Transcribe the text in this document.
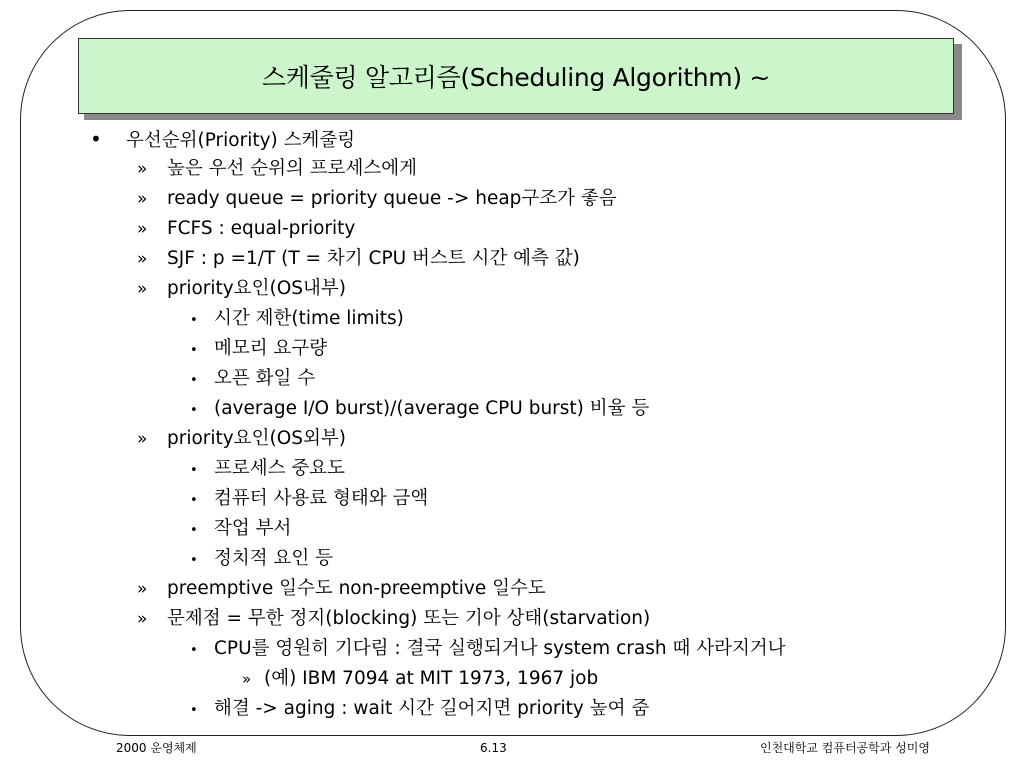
스케줄링 알고리즘(Scheduling Algorithm) ~
• 우선순위(Priority) 스케줄링
» 높은 우선 순위의 프로세스에게
» ready queue = priority queue -> heap구조가 좋음
» FCFS : equal-priority
» SJF : p =1/T (T = 차기 CPU 버스트 시간 예측 값)
» priority요인(OS내부)
• 시간 제한(time limits)
• 메모리 요구량
• 오픈 화일 수
• (average I/O burst)/(average CPU burst) 비율 등
» priority요인(OS외부)
• 프로세스 중요도
• 컴퓨터 사용료 형태와 금액
• 작업 부서
• 정치적 요인 등
» preemptive 일수도 non-preemptive 일수도
» 문제점 = 무한 정지(blocking) 또는 기아 상태(starvation)
• CPU를 영원히 기다림 : 결국 실행되거나 system crash 때 사라지거나
» (예) IBM 7094 at MIT 1973, 1967 job
• 해결 -> aging : wait 시간 길어지면 priority 높여 줌
2000 운영체제	6.13	인천대학교 컴퓨터공학과 성미영
